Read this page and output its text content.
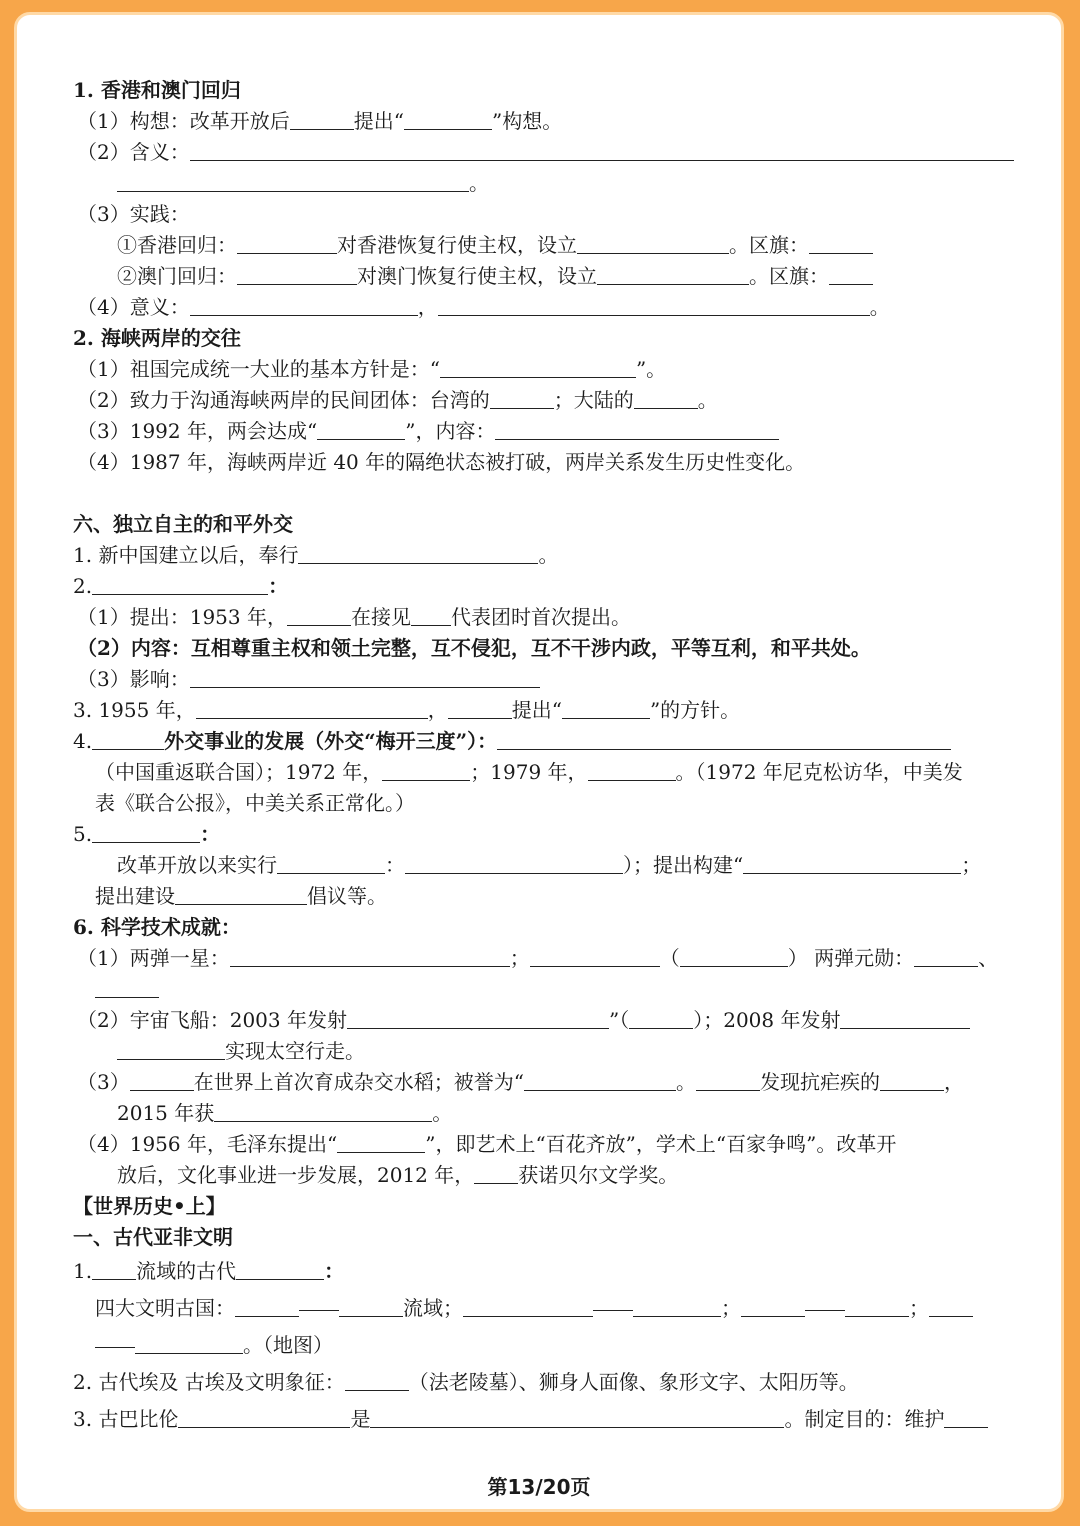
1. 香港和澳门回归
（1）构想：改革开放后	提出“	”构想。
（2）含义：
。
（3）实践：
①香港回归：	对香港恢复行使主权，设立	。区旗：
②澳门回归：	对澳门恢复行使主权，设立	。区旗：
（4）意义：	，	。
2. 海峡两岸的交往
（1）祖国完成统一大业的基本方针是：“	”。
（2）致力于沟通海峡两岸的民间团体：台湾的	；大陆的	。
（3）1992 年，两会达成“	”，内容：
（4）1987 年，海峡两岸近 40 年的隔绝状态被打破，两岸关系发生历史性变化。
六、独立自主的和平外交
1. 新中国建立以后，奉行	。
2.	：
（1）提出：1953 年，	在接见 代表团时首次提出。
（2）内容：互相尊重主权和领土完整，互不侵犯，互不干涉内政，平等互利，和平共处。
（3）影响：
3. 1955 年，	，	提出“	”的方针。
4.	外交事业的发展（外交“梅开三度”）：
（中国重返联合国）；1972 年，	；1979 年，	。（1972 年尼克松访华，中美发
表《联合公报》，中美关系正常化。）
5.	：
改革开放以来实行	：	）；提出构建“	；
提出建设	倡议等。
6. 科学技术成就：
（1）两弹一星：	；	（	） 两弹元勋：	、
（2）宇宙飞船：2003 年发射	”（	）；2008 年发射
实现太空行走。
（3）	在世界上首次育成杂交水稻；被誉为“	。	发现抗疟疾的	，
2015 年获	。
（4）1956 年，毛泽东提出“	”，即艺术上“百花齐放”，学术上“百家争鸣”。改革开
放后，文化事业进一步发展，2012 年， 获诺贝尔文学奖。
【世界历史•上】
一、古代亚非文明
1. 流域的古代	：
四大文明古国：	流域；	；	；
。（地图）
2. 古代埃及 古埃及文明象征：	（法老陵墓）、狮身人面像、象形文字、太阳历等。
3. 古巴比伦	是	。制定目的：维护
第13/20页
